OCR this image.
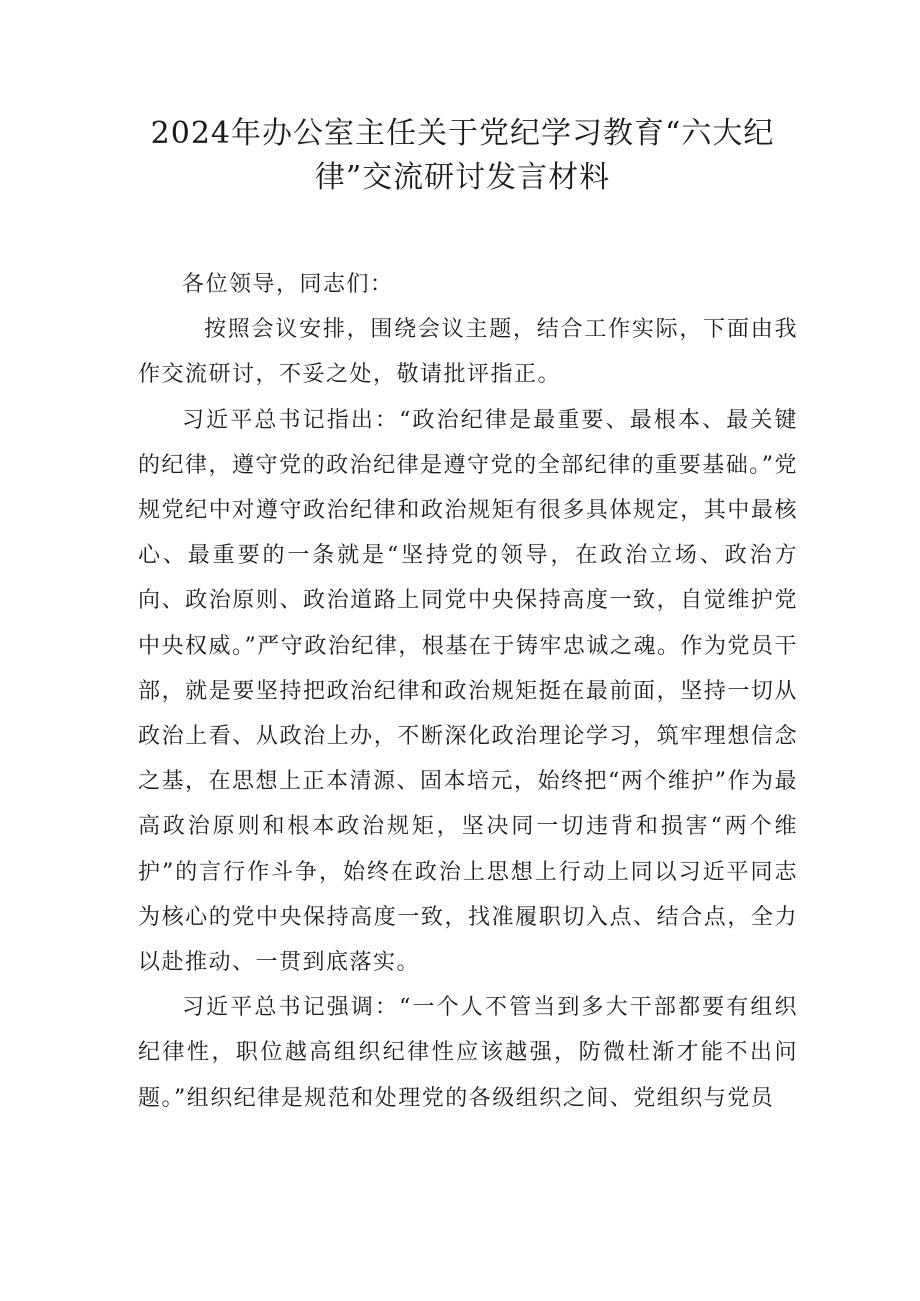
2024年办公室主任关于党纪学习教育“六大纪律”交流研讨发言材料

各位领导，同志们：

按照会议安排，围绕会议主题，结合工作实际，下面由我作交流研讨，不妥之处，敬请批评指正。

习近平总书记指出：“政治纪律是最重要、最根本、最关键的纪律，遵守党的政治纪律是遵守党的全部纪律的重要基础。”党规党纪中对遵守政治纪律和政治规矩有很多具体规定，其中最核心、最重要的一条就是“坚持党的领导，在政治立场、政治方向、政治原则、政治道路上同党中央保持高度一致，自觉维护党中央权威。”严守政治纪律，根基在于铸牢忠诚之魂。作为党员干部，就是要坚持把政治纪律和政治规矩挺在最前面，坚持一切从政治上看、从政治上办，不断深化政治理论学习，筑牢理想信念之基，在思想上正本清源、固本培元，始终把“两个维护”作为最高政治原则和根本政治规矩，坚决同一切违背和损害“两个维护”的言行作斗争，始终在政治上思想上行动上同以习近平同志为核心的党中央保持高度一致，找准履职切入点、结合点，全力以赴推动、一贯到底落实。

习近平总书记强调：“一个人不管当到多大干部都要有组织纪律性，职位越高组织纪律性应该越强，防微杜渐才能不出问题。”组织纪律是规范和处理党的各级组织之间、党组织与党员
